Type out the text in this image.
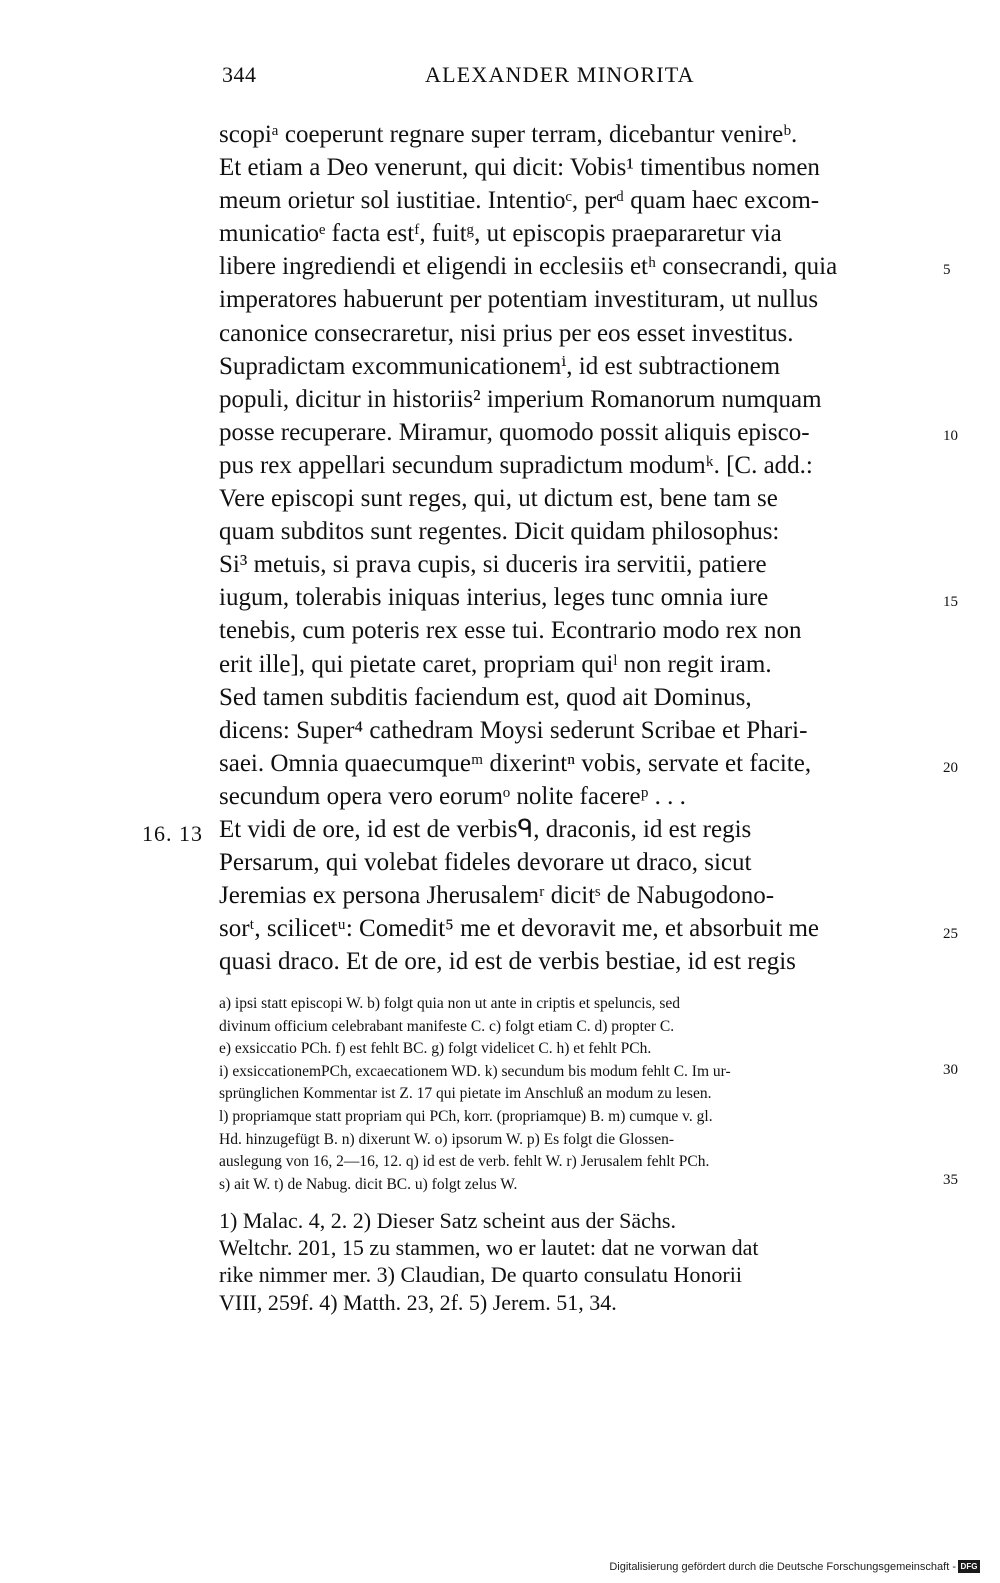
344	ALEXANDER MINORITA
16. 13
scopiᵃ coeperunt regnare super terram, dicebantur venireᵇ.
Et etiam a Deo venerunt, qui dicit: Vobis¹ timentibus nomen
meum orietur sol iustitiae. Intentioᶜ, perᵈ quam haec excom-
municatioᵉ facta estᶠ, fuitᵍ, ut episcopis praepararetur via
libere ingrediendi et eligendi in ecclesiis etʰ consecrandi, quia
imperatores habuerunt per potentiam investituram, ut nullus
canonice consecraretur, nisi prius per eos esset investitus.
Supradictam excommunicationemⁱ, id est subtractionem
populi, dicitur in historiis² imperium Romanorum numquam
posse recuperare. Miramur, quomodo possit aliquis episco-
pus rex appellari secundum supradictum modumᵏ. [C. add.:
Vere episcopi sunt reges, qui, ut dictum est, bene tam se
quam subditos sunt regentes. Dicit quidam philosophus:
Si³ metuis, si prava cupis, si duceris ira servitii, patiere
iugum, tolerabis iniquas interius, leges tunc omnia iure
tenebis, cum poteris rex esse tui. Econtrario modo rex non
erit ille], qui pietate caret, propriam quiˡ non regit iram.
Sed tamen subditis faciendum est, quod ait Dominus,
dicens: Super⁴ cathedram Moysi sederunt Scribae et Phari-
saei. Omnia quaecumqueᵐ dixerintⁿ vobis, servate et facite,
secundum opera vero eorumᵒ nolite facereᵖ . . .
Et vidi de ore, id est de verbisᑫ, draconis, id est regis
Persarum, qui volebat fideles devorare ut draco, sicut
Jeremias ex persona Jherusalemʳ dicitˢ de Nabugodono-
sorᵗ, scilicetᵘ: Comedit⁵ me et devoravit me, et absorbuit me
quasi draco. Et de ore, id est de verbis bestiae, id est regis
5
10
15
20
25
a) ipsi statt episcopi W. b) folgt quia non ut ante in criptis et speluncis, sed
divinum officium celebrabant manifeste C. c) folgt etiam C. d) propter C.
e) exsiccatio PCh. f) est fehlt BC. g) folgt videlicet C. h) et fehlt PCh.
i) exsiccationemPCh, excaecationem WD. k) secundum bis modum fehlt C. Im ur-
sprünglichen Kommentar ist Z. 17 qui pietate im Anschluß an modum zu lesen.
l) propriamque statt propriam qui PCh, korr. (propriamque) B. m) cumque v. gl.
Hd. hinzugefügt B. n) dixerunt W. o) ipsorum W. p) Es folgt die Glossen-
auslegung von 16, 2—16, 12. q) id est de verb. fehlt W. r) Jerusalem fehlt PCh.
s) ait W. t) de Nabug. dicit BC. u) folgt zelus W.
30
35
1) Malac. 4, 2. 2) Dieser Satz scheint aus der Sächs.
Weltchr. 201, 15 zu stammen, wo er lautet: dat ne vorwan dat
rike nimmer mer. 3) Claudian, De quarto consulatu Honorii
VIII, 259f. 4) Matth. 23, 2f. 5) Jerem. 51, 34.
Digitalisierung gefördert durch die Deutsche Forschungsgemeinschaft - DFG
